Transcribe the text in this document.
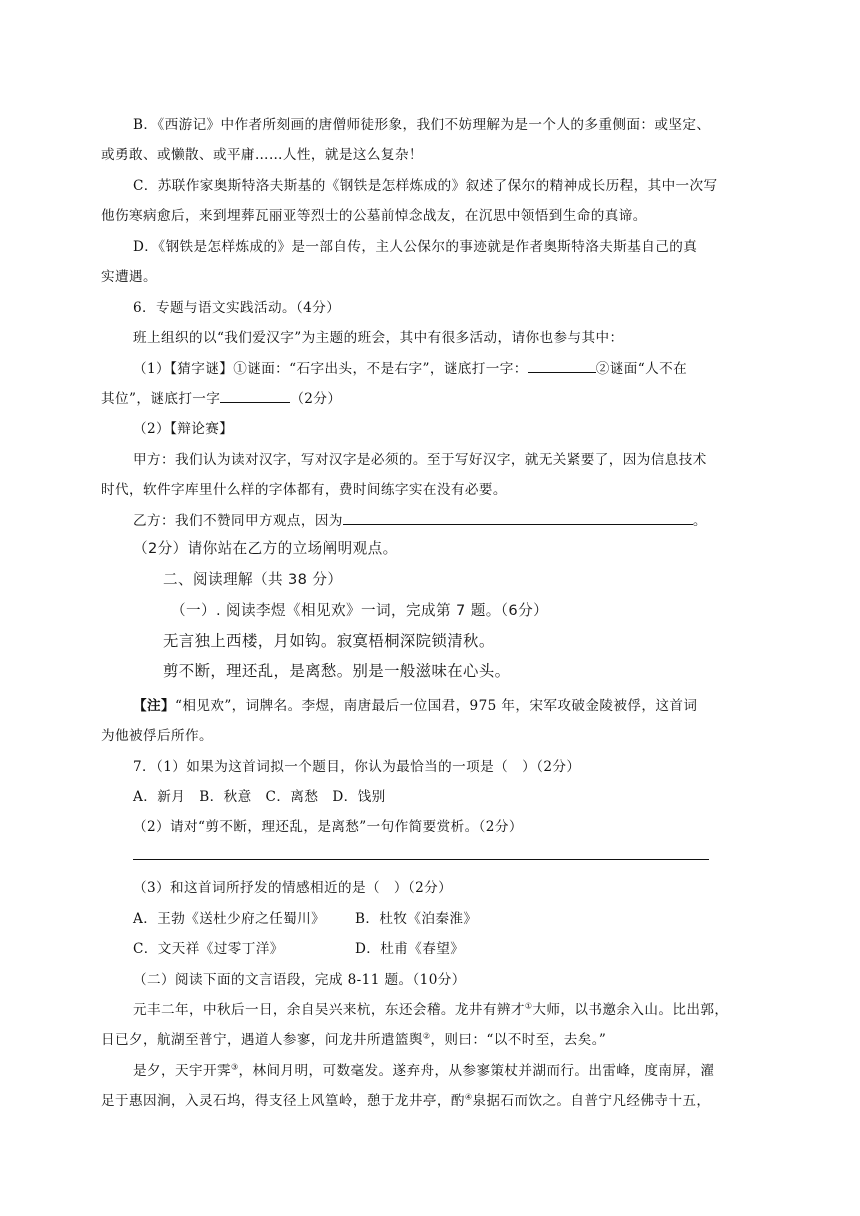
B．《西游记》中作者所刻画的唐僧师徒形象，我们不妨理解为是一个人的多重侧面：或坚定、
或勇敢、或懒散、或平庸……人性，就是这么复杂！
C．苏联作家奥斯特洛夫斯基的《钢铁是怎样炼成的》叙述了保尔的精神成长历程，其中一次写
他伤寒病愈后，来到埋葬瓦丽亚等烈士的公墓前悼念战友，在沉思中领悟到生命的真谛。
D．《钢铁是怎样炼成的》是一部自传，主人公保尔的事迹就是作者奥斯特洛夫斯基自己的真
实遭遇。
6．专题与语文实践活动。（4分）
班上组织的以“我们爱汉字”为主题的班会，其中有很多活动，请你也参与其中：
（1）【猜字谜】①谜面：“石字出头，不是右字”，谜底打一字：	②谜面“人不在
其位”，谜底打一字	（2分）
（2）【辩论赛】
甲方：我们认为读对汉字，写对汉字是必须的。至于写好汉字，就无关紧要了，因为信息技术
时代，软件字库里什么样的字体都有，费时间练字实在没有必要。
乙方：我们不赞同甲方观点，因为	。
（2分）请你站在乙方的立场阐明观点。
二、阅读理解（共 38 分）
（一）. 阅读李煜《相见欢》一词，完成第 7 题。（6分）
无言独上西楼，月如钩。寂寞梧桐深院锁清秋。
剪不断，理还乱，是离愁。别是一般滋味在心头。
【注】“相见欢”，词牌名。李煜，南唐最后一位国君，975 年，宋军攻破金陵被俘，这首词
为他被俘后所作。
7．（1）如果为这首词拟一个题目，你认为最恰当的一项是（　）（2分）
A．新月　B．秋意　C．离愁　D．饯别
（2）请对“剪不断，理还乱，是离愁”一句作简要赏析。（2分）
（3）和这首词所抒发的情感相近的是（　）（2分）
A．王勃《送杜少府之任蜀川》 B．杜牧《泊秦淮》
C．文天祥《过零丁洋》	D．杜甫《春望》
（二）阅读下面的文言语段，完成 8-11 题。（10分）
元丰二年，中秋后一日，余自吴兴来杭，东还会稽。龙井有辨才①大师，以书邀余入山。比出郭，
日已夕，航湖至普宁，遇道人参寥，问龙井所遣篮舆②，则曰：“以不时至，去矣。”
是夕，天宇开霁③，林间月明，可数毫发。遂弃舟，从参寥策杖并湖而行。出雷峰，度南屏，濯
足于惠因涧，入灵石坞，得支径上风篁岭，憩于龙井亭，酌④泉据石而饮之。自普宁凡经佛寺十五，
